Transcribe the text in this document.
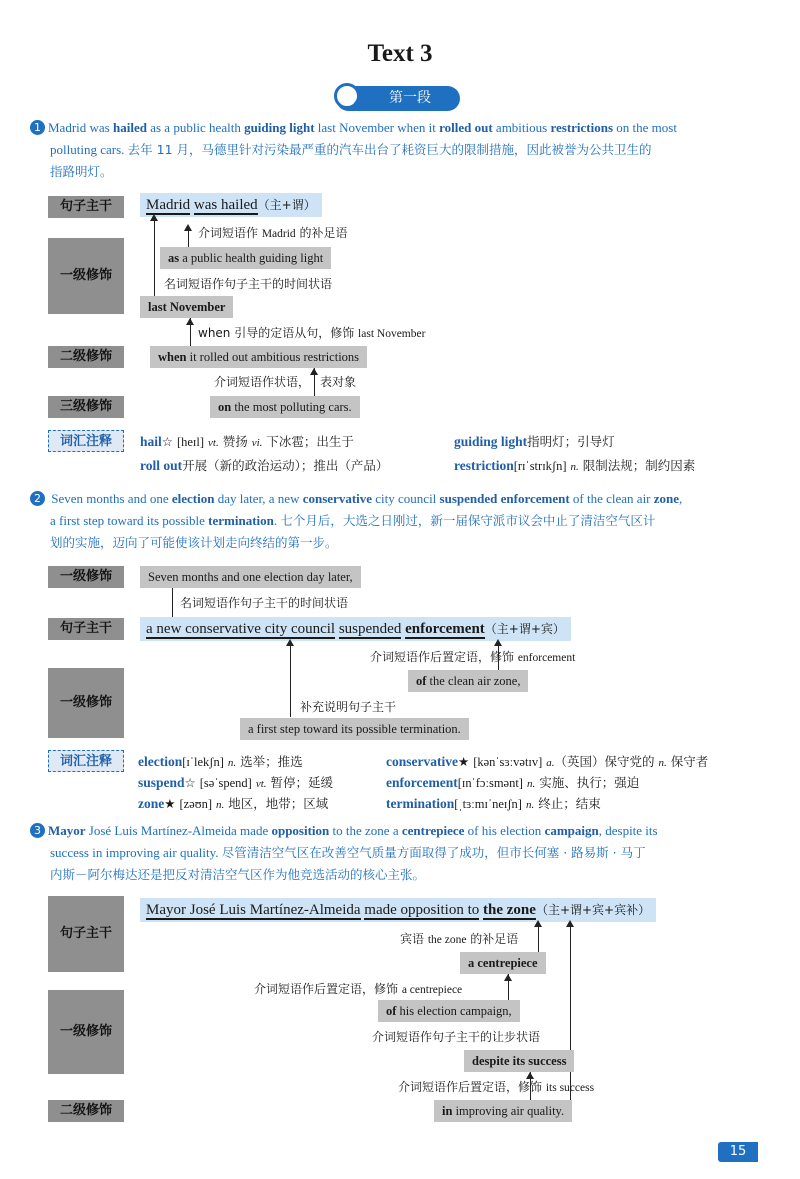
Text 3
第一段
1 Madrid was hailed as a public health guiding light last November when it rolled out ambitious restrictions on the most
polluting cars. 去年 11 月，马德里针对污染最严重的汽车出台了耗资巨大的限制措施，因此被誉为公共卫生的
指路明灯。
句子主干
一级修饰
二级修饰
三级修饰
词汇注释
Madrid was hailed（主+谓）
介词短语作 Madrid 的补足语
as a public health guiding light
名词短语作句子主干的时间状语
last November
when 引导的定语从句，修饰 last November
when it rolled out ambitious restrictions
介词短语作状语， 表对象
on the most polluting cars.
hail☆ [heɪl] vt. 赞扬 vi. 下冰雹；出生于	guiding light指明灯；引导灯
roll out开展（新的政治运动）；推出（产品）	restriction[rɪˈstrɪkʃn] n. 限制法规；制约因素
2 Seven months and one election day later, a new conservative city council suspended enforcement of the clean air zone,
a first step toward its possible termination. 七个月后，大选之日刚过，新一届保守派市议会中止了清洁空气区计
划的实施，迈向了可能使该计划走向终结的第一步。
一级修饰
句子主干
一级修饰
词汇注释
Seven months and one election day later,
名词短语作句子主干的时间状语
a new conservative city council suspended enforcement（主+谓+宾）
介词短语作后置定语，修饰 enforcement
of the clean air zone,
补充说明句子主干
a first step toward its possible termination.
election[ɪˈlekʃn] n. 选举；推选	conservative★ [kənˈsɜːvətɪv] a.（英国）保守党的 n. 保守者
suspend☆ [səˈspend] vt. 暂停；延缓	enforcement[ɪnˈfɔːsmənt] n. 实施、执行；强迫
zone★ [zəʊn] n. 地区，地带；区域	termination[ˌtɜːmɪˈneɪʃn] n. 终止；结束
3 Mayor José Luis Martínez-Almeida made opposition to the zone a centrepiece of his election campaign, despite its
success in improving air quality. 尽管清洁空气区在改善空气质量方面取得了成功，但市长何塞 · 路易斯 · 马丁
内斯－阿尔梅达还是把反对清洁空气区作为他竞选活动的核心主张。
句子主干
一级修饰
二级修饰
Mayor José Luis Martínez-Almeida made opposition to the zone（主+谓+宾+宾补）
宾语 the zone 的补足语
a centrepiece
介词短语作后置定语，修饰 a centrepiece
of his election campaign,
介词短语作句子主干的让步状语
despite its success
介词短语作后置定语，修饰 its success
in improving air quality.
15
